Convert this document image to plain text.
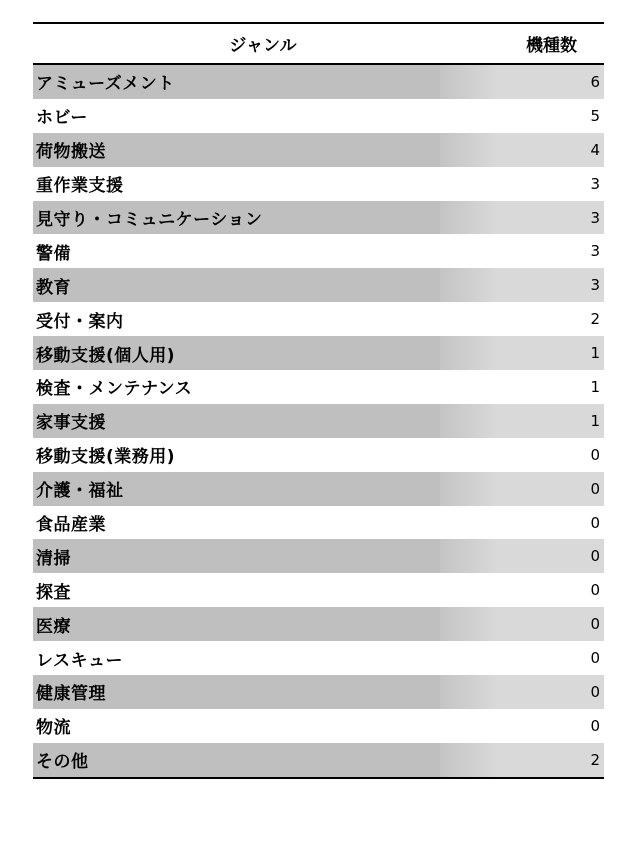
ジャンル	機種数
アミューズメント	6
ホビー	5
荷物搬送	4
重作業支援	3
見守り・コミュニケーション	3
警備	3
教育	3
受付・案内	2
移動支援(個人用)	1
検査・メンテナンス	1
家事支援	1
移動支援(業務用)	0
介護・福祉	0
食品産業	0
清掃	0
探査	0
医療	0
レスキュー	0
健康管理	0
物流	0
その他	2
